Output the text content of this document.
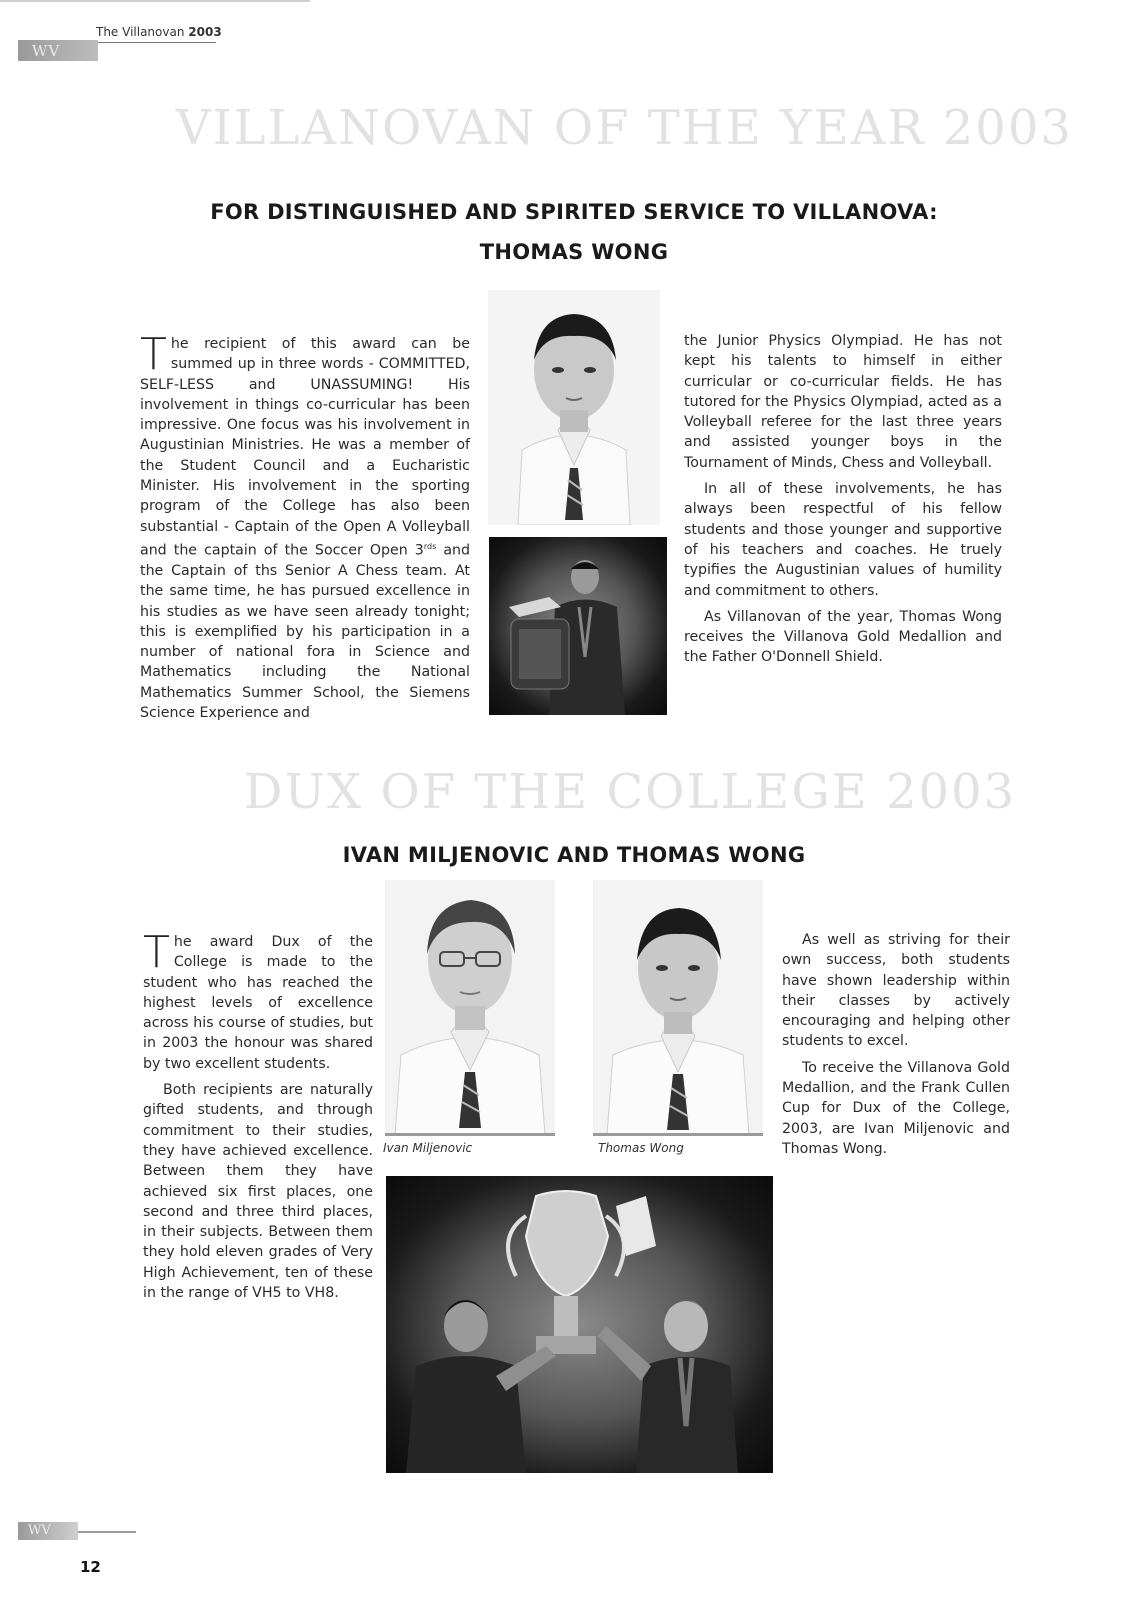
The Villanovan 2003
WV
VILLANOVAN OF THE YEAR 2003
FOR DISTINGUISHED AND SPIRITED SERVICE TO VILLANOVA:
THOMAS WONG

The recipient of this award can be summed up in three words - COMMITTED, SELF-LESS and UNASSUMING! His involvement in things co-curricular has been impressive. One focus was his involvement in Augustinian Ministries. He was a member of the Student Council and a Eucharistic Minister. His involvement in the sporting program of the College has also been substantial - Captain of the Open A Volleyball and the captain of the Soccer Open $3^{rds}$ and the Captain of ths Senior A Chess team. At the same time, he has pursued excellence in his studies as we have seen already tonight; this is exemplified by his participation in a number of national fora in Science and Mathematics including the National Mathematics Summer School, the Siemens Science Experience and

the Junior Physics Olympiad. He has not kept his talents to himself in either curricular or co-curricular fields. He has tutored for the Physics Olympiad, acted as a Volleyball referee for the last three years and assisted younger boys in the Tournament of Minds, Chess and Volleyball.

In all of these involvements, he has always been respectful of his fellow students and those younger and supportive of his teachers and coaches. He truely typifies the Augustinian values of humility and commitment to others.

As Villanovan of the year, Thomas Wong receives the Villanova Gold Medallion and the Father O'Donnell Shield.

DUX OF THE COLLEGE 2003
IVAN MILJENOVIC AND THOMAS WONG

The award Dux of the College is made to the student who has reached the highest levels of excellence across his course of studies, but in 2003 the honour was shared by two excellent students.

Both recipients are naturally gifted students, and through commitment to their studies, they have achieved excellence. Between them they have achieved six first places, one second and three third places, in their subjects. Between them they hold eleven grades of Very High Achievement, ten of these in the range of VH5 to VH8.

Ivan Miljenovic	Thomas Wong

As well as striving for their own success, both students have shown leadership within their classes by actively encouraging and helping other students to excel.

To receive the Villanova Gold Medallion, and the Frank Cullen Cup for Dux of the College, 2003, are Ivan Miljenovic and Thomas Wong.

WV
12
